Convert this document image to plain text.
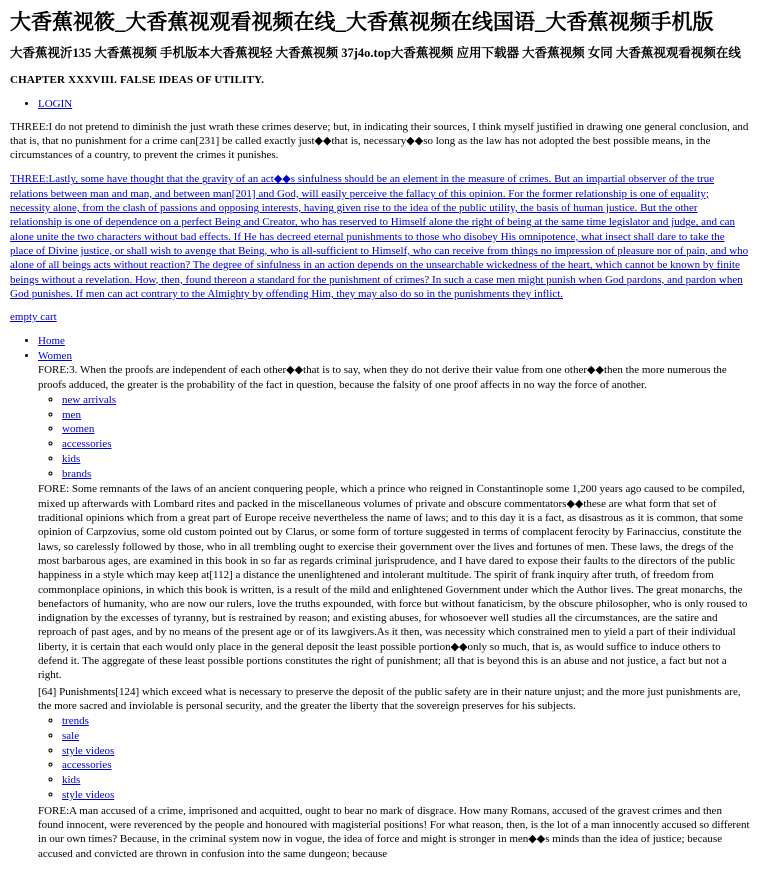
大香蕉视筱_大香蕉视观看视频在线_大香蕉视频在线国语_大香蕉视频手机版
大香蕉视沂135 大香蕉视频 手机版本大香蕉视轻 大香蕉视频 37j4o.top大香蕉视频 应用下载器 大香蕉视频 女同 大香蕉视观看视频在线
CHAPTER XXXVIII. FALSE IDEAS OF UTILITY.
• LOGIN

THREE:I do not pretend to diminish the just wrath these crimes deserve; but, in indicating their sources, I think myself justified in drawing one general conclusion, and that is, that no punishment for a crime can[231] be called exactly just◆◆that is, necessary◆◆so long as the law has not adopted the best possible means, in the circumstances of a country, to prevent the crimes it punishes.

THREE:Lastly, some have thought that the gravity of an act◆◆s sinfulness should be an element in the measure of crimes. But an impartial observer of the true relations between man and man, and between man[201] and God, will easily perceive the fallacy of this opinion. For the former relationship is one of equality; necessity alone, from the clash of passions and opposing interests, having given rise to the idea of the public utility, the basis of human justice. But the other relationship is one of dependence on a perfect Being and Creator, who has reserved to Himself alone the right of being at the same time legislator and judge, and can alone unite the two characters without bad effects. If He has decreed eternal punishments to those who disobey His omnipotence, what insect shall dare to take the place of Divine justice, or shall wish to avenge that Being, who is all-sufficient to Himself, who can receive from things no impression of pleasure nor of pain, and who alone of all beings acts without reaction? The degree of sinfulness in an action depends on the unsearchable wickedness of the heart, which cannot be known by finite beings without a revelation. How, then, found thereon a standard for the punishment of crimes? In such a case men might punish when God pardons, and pardon when God punishes. If men can act contrary to the Almighty by offending Him, they may also do so in the punishments they inflict.

empty cart
• Home
• Women

FORE:3. When the proofs are independent of each other◆◆that is to say, when they do not derive their value from one other◆◆then the more numerous the proofs adduced, the greater is the probability of the fact in question, because the falsity of one proof affects in no way the force of another.

◦ new arrivals
◦ men
◦ women
◦ accessories
◦ kids
◦ brands

FORE: Some remnants of the laws of an ancient conquering people, which a prince who reigned in Constantinople some 1,200 years ago caused to be compiled, mixed up afterwards with Lombard rites and packed in the miscellaneous volumes of private and obscure commentators◆◆these are what form that set of traditional opinions which from a great part of Europe receive nevertheless the name of laws; and to this day it is a fact, as disastrous as it is common, that some opinion of Carpzovius, some old custom pointed out by Clarus, or some form of torture suggested in terms of complacent ferocity by Farinaccius, constitute the laws, so carelessly followed by those, who in all trembling ought to exercise their government over the lives and fortunes of men. These laws, the dregs of the most barbarous ages, are examined in this book in so far as regards criminal jurisprudence, and I have dared to expose their faults to the directors of the public happiness in a style which may keep at[112] a distance the unenlightened and intolerant multitude. The spirit of frank inquiry after truth, of freedom from commonplace opinions, in which this book is written, is a result of the mild and enlightened Government under which the Author lives. The great monarchs, the benefactors of humanity, who are now our rulers, love the truths expounded, with force but without fanaticism, by the obscure philosopher, who is only roused to indignation by the excesses of tyranny, but is restrained by reason; and existing abuses, for whosoever well studies all the circumstances, are the satire and reproach of past ages, and by no means of the present age or of its lawgivers.As it then, was necessity which constrained men to yield a part of their individual liberty, it is certain that each would only place in the general deposit the least possible portion◆◆only so much, that is, as would suffice to induce others to defend it. The aggregate of these least possible portions constitutes the right of punishment; all that is beyond this is an abuse and not justice, a fact but not a right.

[64] Punishments[124] which exceed what is necessary to preserve the deposit of the public safety are in their nature unjust; and the more just punishments are, the more sacred and inviolable is personal security, and the greater the liberty that the sovereign preserves for his subjects.

◦ trends
◦ sale
◦ style videos
◦ accessories
◦ kids
◦ style videos

FORE:A man accused of a crime, imprisoned and acquitted, ought to bear no mark of disgrace. How many Romans, accused of the gravest crimes and then found innocent, were reverenced by the people and honoured with magisterial positions! For what reason, then, is the lot of a man innocently accused so different in our own times? Because, in the criminal system now in vogue, the idea of force and might is stronger in men◆◆s minds than the idea of justice; because accused and convicted are thrown in confusion into the same dungeon; because
